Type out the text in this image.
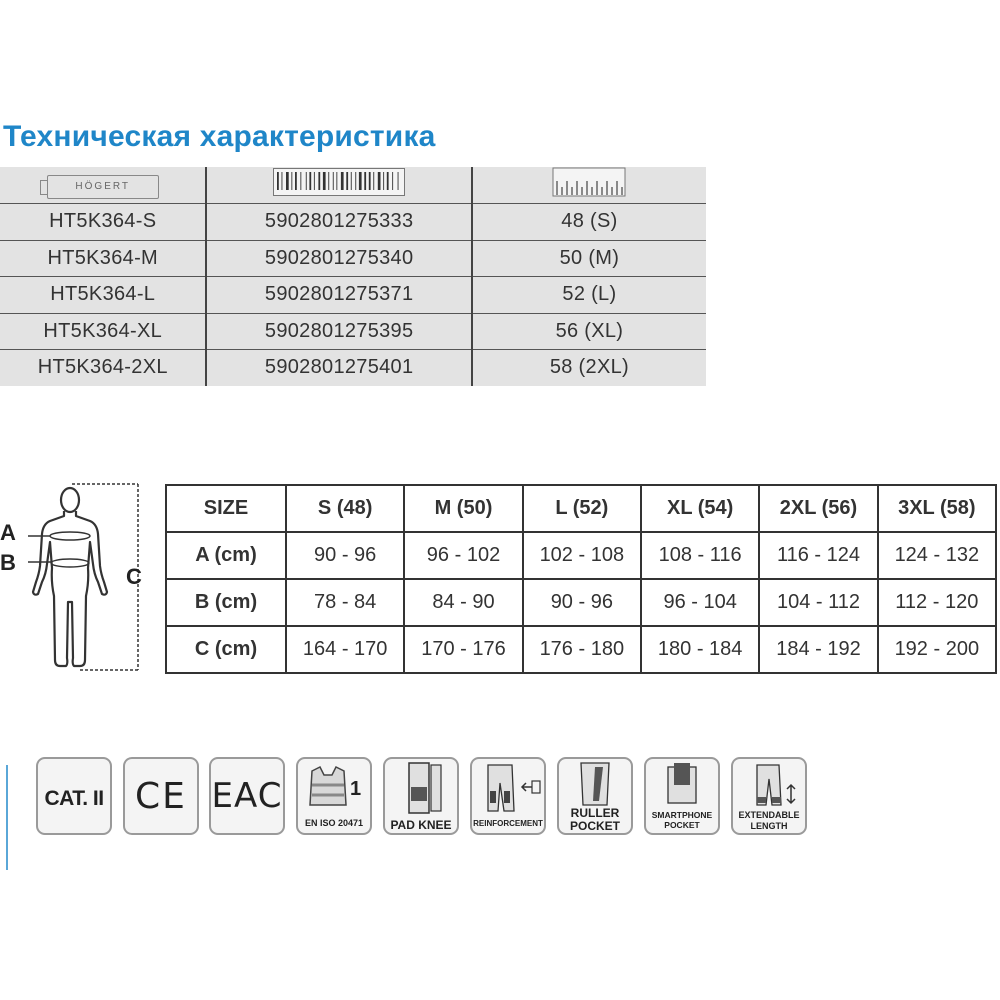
Техническая характеристика
HÖGERT		
HT5K364-S	5902801275333	48 (S)
HT5K364-M	5902801275340	50 (M)
HT5K364-L	5902801275371	52 (L)
HT5K364-XL	5902801275395	56 (XL)
HT5K364-2XL	5902801275401	58 (2XL)
A
B
C
SIZE	S (48)	M (50)	L (52)	XL (54)	2XL (56)	3XL (58)
A (cm)	90 - 96	96 - 102	102 - 108	108 - 116	116 - 124	124 - 132
B (cm)	78 - 84	84 - 90	90 - 96	96 - 104	104 - 112	112 - 120
C (cm)	164 - 170	170 - 176	176 - 180	180 - 184	184 - 192	192 - 200
CAT. II CE EAC	1
EN ISO 20471	PAD KNEE	REINFORCEMENT
RULLER
POCKET
SMARTPHONE
POCKET
EXTENDABLE
LENGTH
